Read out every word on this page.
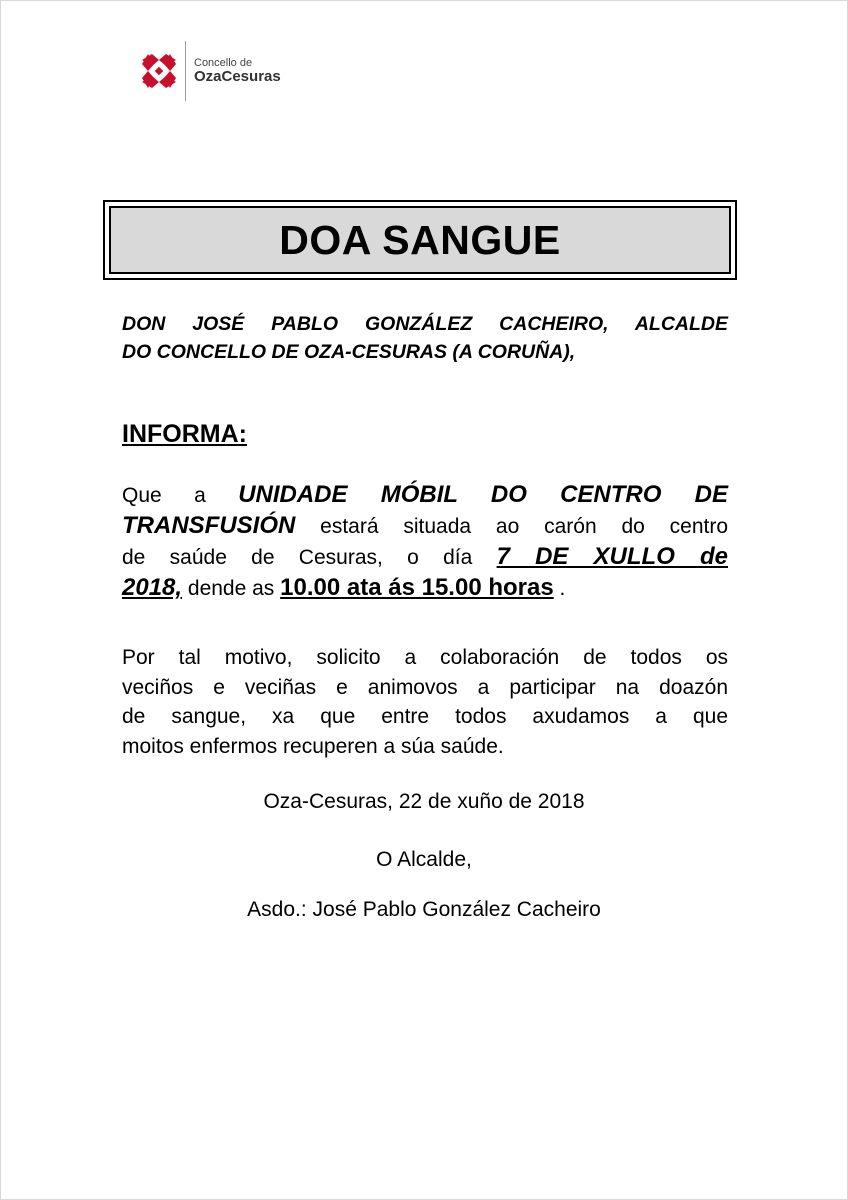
Concello de
OzaCesuras
DOA SANGUE
DON JOSÉ PABLO GONZÁLEZ CACHEIRO, ALCALDE
DO CONCELLO DE OZA-CESURAS (A CORUÑA),
INFORMA:
Que a UNIDADE MÓBIL DO CENTRO DE
TRANSFUSIÓN estará situada ao carón do centro
de saúde de Cesuras, o día 7 DE XULLO de
2018, dende as 10.00 ata ás 15.00 horas .
Por tal motivo, solicito a colaboración de todos os
veciños e veciñas e animovos a participar na doazón
de sangue, xa que entre todos axudamos a que
moitos enfermos recuperen a súa saúde.
Oza-Cesuras, 22 de xuño de 2018
O Alcalde,
Asdo.: José Pablo González Cacheiro
